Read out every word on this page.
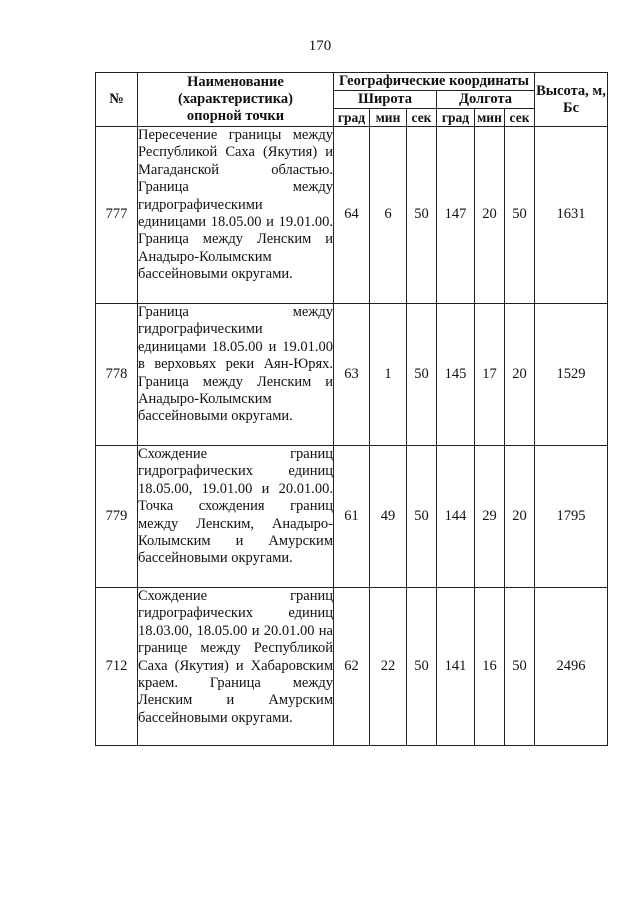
170
№	Наименование (характеристика) опорной точки	Географические координаты						Высота, м, Бс
		Широта			Долгота			
		град	мин	сек	град	мин	сек	
777	Пересечение границы между Республикой Саха (Якутия) и Магаданской областью. Граница между гидрографическими единицами 18.05.00 и 19.01.00. Граница между Ленским и Анадыро-Колымским бассейновыми округами.	64	6	50	147	20	50	1631
778	Граница между гидрографическими единицами 18.05.00 и 19.01.00 в верховьях реки Аян-Юрях. Граница между Ленским и Анадыро-Колымским бассейновыми округами.	63	1	50	145	17	20	1529
779	Схождение границ гидрографических единиц 18.05.00, 19.01.00 и 20.01.00. Точка схождения границ между Ленским, Анадыро-Колымским и Амурским бассейновыми округами.	61	49	50	144	29	20	1795
712	Схождение границ гидрографических единиц 18.03.00, 18.05.00 и 20.01.00 на границе между Республикой Саха (Якутия) и Хабаровским краем. Граница между Ленским и Амурским бассейновыми округами.	62	22	50	141	16	50	2496
